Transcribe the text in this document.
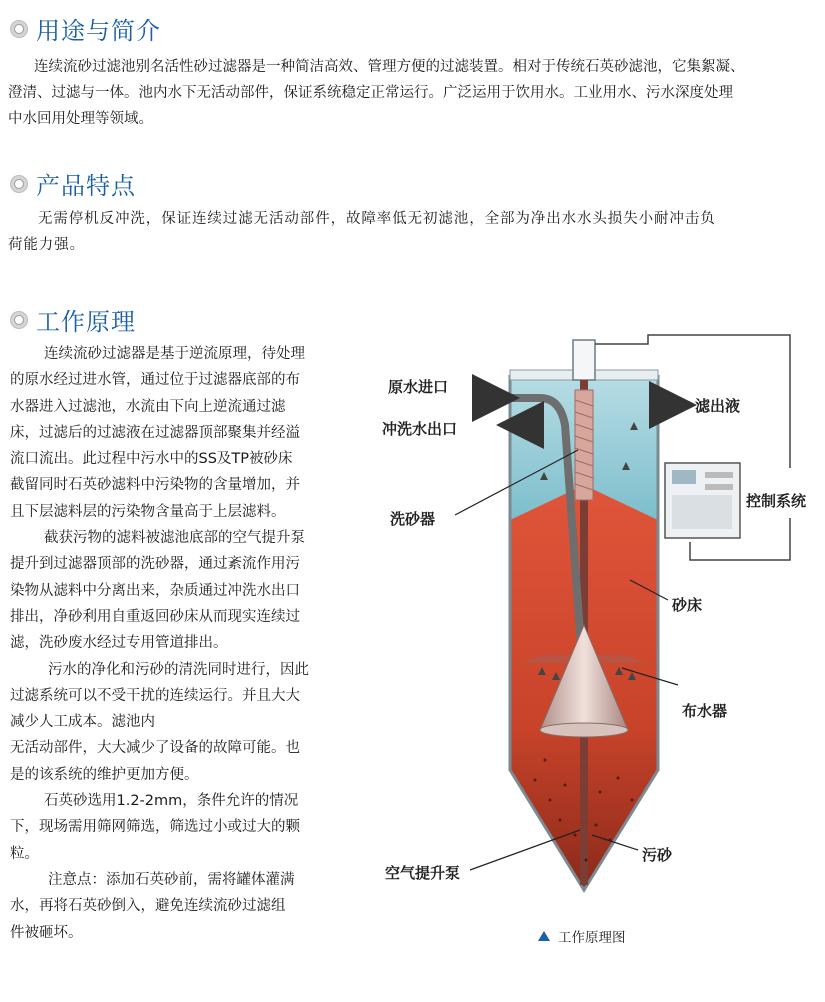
用途与简介
连续流砂过滤池别名活性砂过滤器是一种简洁高效、管理方便的过滤装置。相对于传统石英砂滤池，它集絮凝、
澄清、过滤与一体。池内水下无活动部件，保证系统稳定正常运行。广泛运用于饮用水。工业用水、污水深度处理
中水回用处理等领域。
产品特点
无需停机反冲洗，保证连续过滤无活动部件，故障率低无初滤池，全部为净出水水头损失小耐冲击负
荷能力强。
工作原理

连续流砂过滤器是基于逆流原理，待处理

的原水经过进水管，通过位于过滤器底部的布

水器进入过滤池，水流由下向上逆流通过滤

床，过滤后的过滤液在过滤器顶部聚集并经溢

流口流出。此过程中污水中的SS及TP被砂床

截留同时石英砂滤料中污染物的含量增加，并

且下层滤料层的污染物含量高于上层滤料。

截获污物的滤料被滤池底部的空气提升泵

提升到过滤器顶部的洗砂器，通过紊流作用污

染物从滤料中分离出来，杂质通过冲洗水出口

排出，净砂利用自重返回砂床从而现实连续过

滤，洗砂废水经过专用管道排出。

污水的净化和污砂的清洗同时进行，因此

过滤系统可以不受干扰的连续运行。并且大大

减少人工成本。滤池内

无活动部件，大大减少了设备的故障可能。也

是的该系统的维护更加方便。

石英砂选用1.2-2mm，条件允许的情况

下，现场需用筛网筛选，筛选过小或过大的颗

粒。

注意点：添加石英砂前，需将罐体灌满

水，再将石英砂倒入，避免连续流砂过滤组

件被砸坏。

原水进口
冲洗水出口
滤出液
控制系统
洗砂器
砂床
布水器
污砂
空气提升泵
工作原理图
